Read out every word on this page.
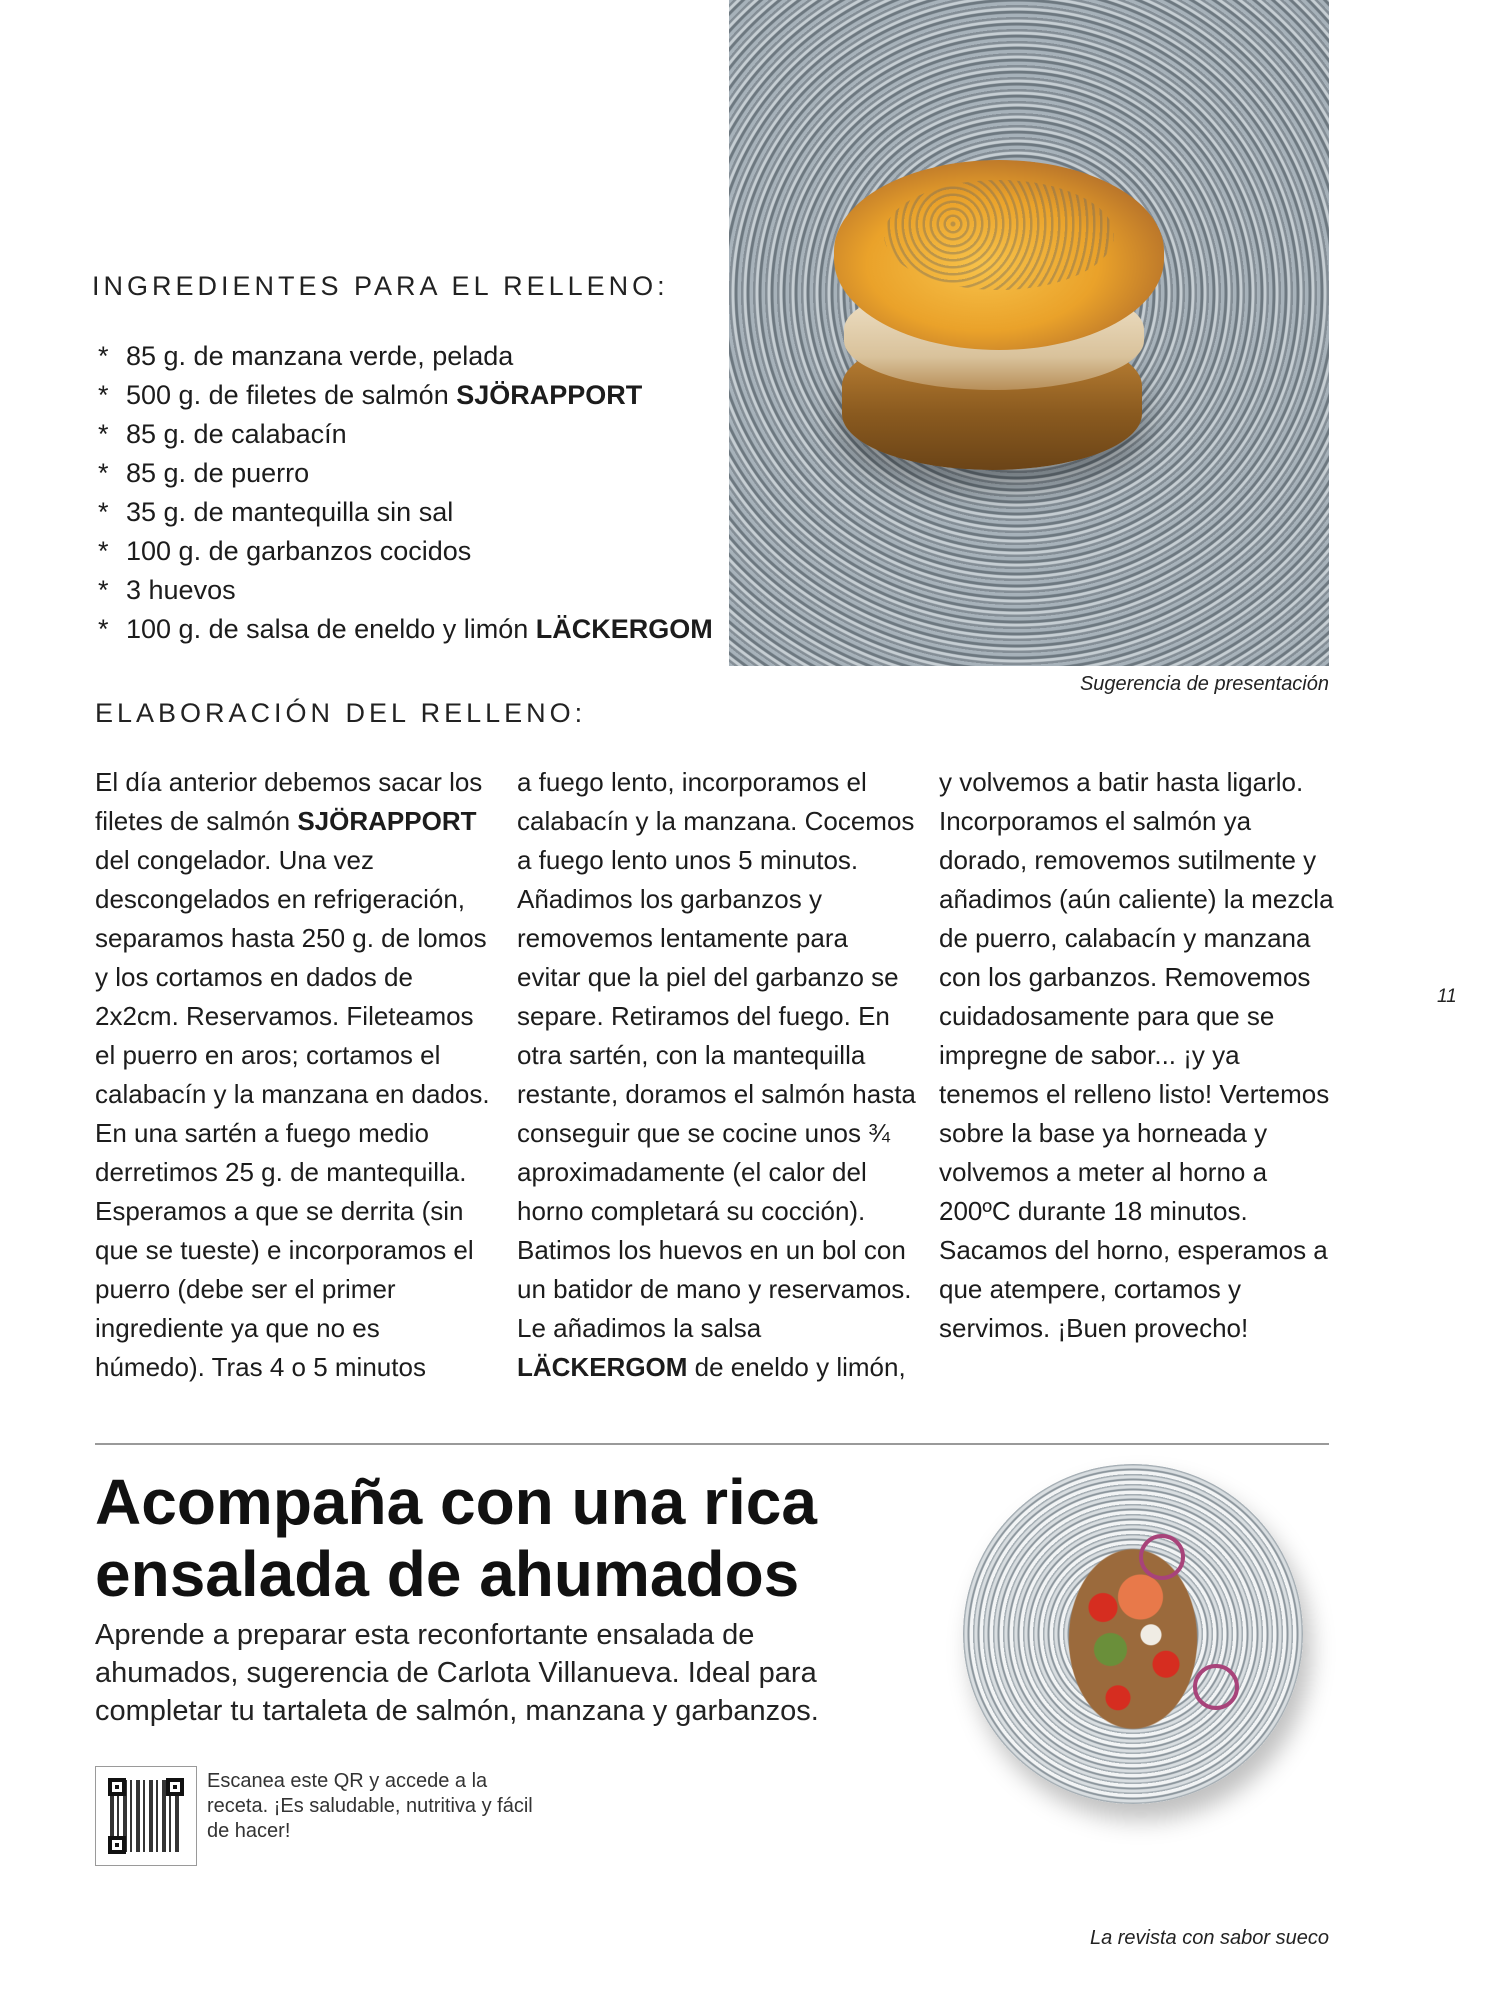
Sugerencia de presentación
INGREDIENTES PARA EL RELLENO:
* 85 g. de manzana verde, pelada
* 500 g. de filetes de salmón SJÖRAPPORT
* 85 g. de calabacín
* 85 g. de puerro
* 35 g. de mantequilla sin sal
* 100 g. de garbanzos cocidos
* 3 huevos
* 100 g. de salsa de eneldo y limón LÄCKERGOM
ELABORACIÓN DEL RELLENO:

El día anterior debemos sacar los filetes de salmón SJÖRAPPORT del congelador. Una vez descongelados en refrigeración, separamos hasta 250 g. de lomos y los cortamos en dados de 2x2cm. Reservamos. Fileteamos el puerro en aros; cortamos el calabacín y la manzana en dados. En una sartén a fuego medio derretimos 25 g. de mantequilla. Esperamos a que se derrita (sin que se tueste) e incorporamos el puerro (debe ser el primer ingrediente ya que no es húmedo). Tras 4 o 5 minutos

a fuego lento, incorporamos el calabacín y la manzana. Cocemos a fuego lento unos 5 minutos. Añadimos los garbanzos y removemos lentamente para evitar que la piel del garbanzo se separe. Retiramos del fuego. En otra sartén, con la mantequilla restante, doramos el salmón hasta conseguir que se cocine unos ¾ aproximadamente (el calor del horno completará su cocción). Batimos los huevos en un bol con un batidor de mano y reservamos. Le añadimos la salsa LÄCKERGOM de eneldo y limón,

y volvemos a batir hasta ligarlo. Incorporamos el salmón ya dorado, removemos sutilmente y añadimos (aún caliente) la mezcla de puerro, calabacín y manzana con los garbanzos. Removemos cuidadosamente para que se impregne de sabor... ¡y ya tenemos el relleno listo! Vertemos sobre la base ya horneada y volvemos a meter al horno a 200ºC durante 18 minutos. Sacamos del horno, esperamos a que atempere, cortamos y servimos. ¡Buen provecho!

11
Acompaña con una rica ensalada de ahumados

Aprende a preparar esta reconfortante ensalada de ahumados, sugerencia de Carlota Villanueva. Ideal para completar tu tartaleta de salmón, manzana y garbanzos.

Escanea este QR y accede a la receta. ¡Es saludable, nutritiva y fácil de hacer!

La revista con sabor sueco
